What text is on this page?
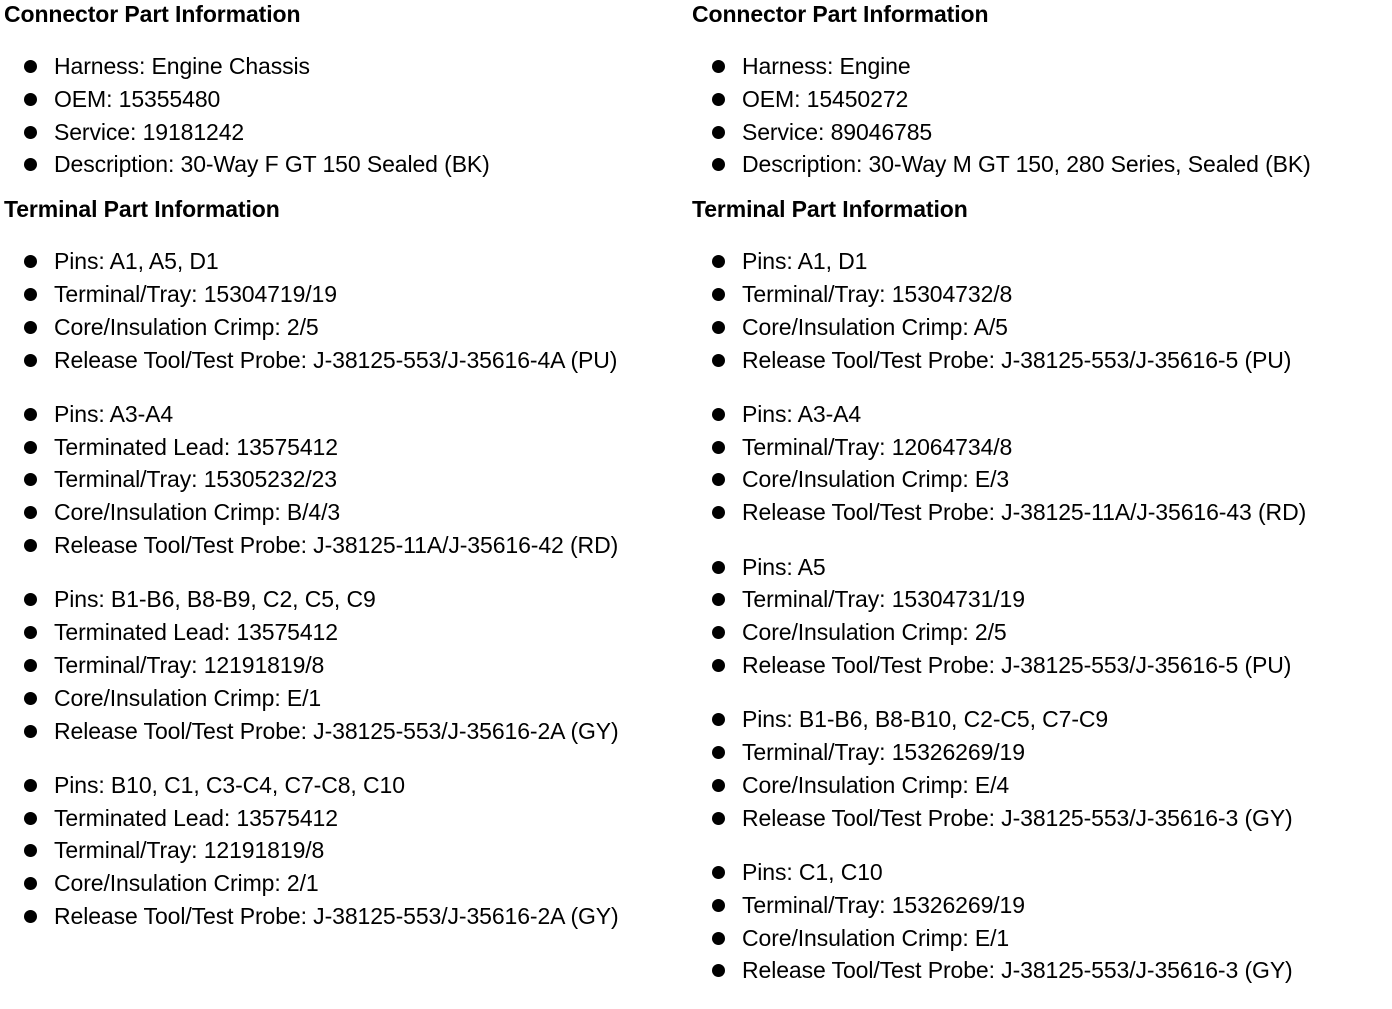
Connector Part Information
Harness: Engine Chassis
OEM: 15355480
Service: 19181242
Description: 30-Way F GT 150 Sealed (BK)
Terminal Part Information
Pins: A1, A5, D1
Terminal/Tray: 15304719/19
Core/Insulation Crimp: 2/5
Release Tool/Test Probe: J-38125-553/J-35616-4A (PU)
Pins: A3-A4
Terminated Lead: 13575412
Terminal/Tray: 15305232/23
Core/Insulation Crimp: B/4/3
Release Tool/Test Probe: J-38125-11A/J-35616-42 (RD)
Pins: B1-B6, B8-B9, C2, C5, C9
Terminated Lead: 13575412
Terminal/Tray: 12191819/8
Core/Insulation Crimp: E/1
Release Tool/Test Probe: J-38125-553/J-35616-2A (GY)
Pins: B10, C1, C3-C4, C7-C8, C10
Terminated Lead: 13575412
Terminal/Tray: 12191819/8
Core/Insulation Crimp: 2/1
Release Tool/Test Probe: J-38125-553/J-35616-2A (GY)
Connector Part Information
Harness: Engine
OEM: 15450272
Service: 89046785
Description: 30-Way M GT 150, 280 Series, Sealed (BK)
Terminal Part Information
Pins: A1, D1
Terminal/Tray: 15304732/8
Core/Insulation Crimp: A/5
Release Tool/Test Probe: J-38125-553/J-35616-5 (PU)
Pins: A3-A4
Terminal/Tray: 12064734/8
Core/Insulation Crimp: E/3
Release Tool/Test Probe: J-38125-11A/J-35616-43 (RD)
Pins: A5
Terminal/Tray: 15304731/19
Core/Insulation Crimp: 2/5
Release Tool/Test Probe: J-38125-553/J-35616-5 (PU)
Pins: B1-B6, B8-B10, C2-C5, C7-C9
Terminal/Tray: 15326269/19
Core/Insulation Crimp: E/4
Release Tool/Test Probe: J-38125-553/J-35616-3 (GY)
Pins: C1, C10
Terminal/Tray: 15326269/19
Core/Insulation Crimp: E/1
Release Tool/Test Probe: J-38125-553/J-35616-3 (GY)
